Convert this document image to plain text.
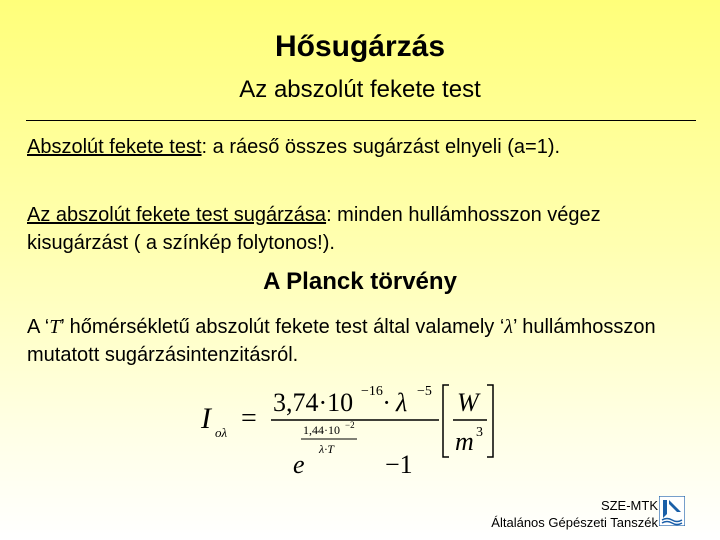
Hősugárzás
Az abszolút fekete test
Abszolút fekete test: a ráeső összes sugárzást elnyeli (a=1).
Az abszolút fekete test sugárzása: minden hullámhosszon végez kisugárzást ( a színkép folytonos!).
A Planck törvény
A ‘T’ hőmérsékletű abszolút fekete test által valamely ‘λ’ hullámhosszon mutatott sugárzásintenzitásról.
I oλ =
3,74·10 −16 · λ −5
1,44·10 −2
λ·T
e	−1
W
m 3
SZE-MTK
Általános Gépészeti Tanszék
